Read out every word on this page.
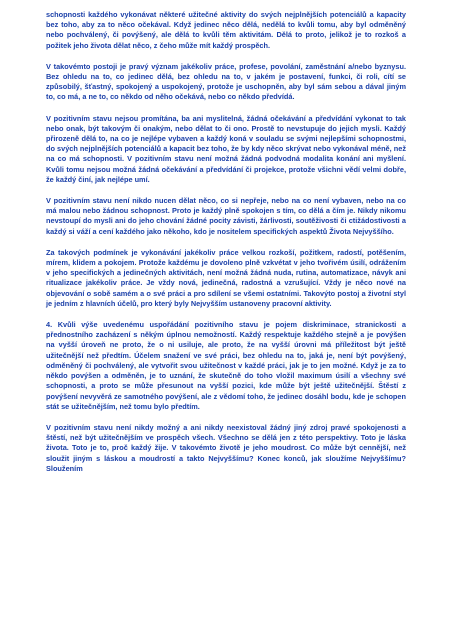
schopnosti každého vykonávat některé užitečné aktivity do svých nejplnějších potenciálů a kapacity bez toho, aby za to něco očekával. Když jedinec něco dělá, nedělá to kvůli tomu, aby byl odměněný nebo pochválený, či povýšený, ale dělá to kvůli těm aktivitám. Dělá to proto, jelikož je to rozkoš a požitek jeho života dělat něco, z čeho může mít každý prospěch.

V takovémto postoji je pravý význam jakékoliv práce, profese, povolání, zaměstnání a/nebo byznysu. Bez ohledu na to, co jedinec dělá, bez ohledu na to, v jakém je postavení, funkci, či roli, cítí se způsobilý, šťastný, spokojený a uspokojený, protože je uschopněn, aby byl sám sebou a dával jiným to, co má, a ne to, co někdo od něho očekává, nebo co někdo předvídá.

V pozitivním stavu nejsou promítána, ba ani myslitelná, žádná očekávání a předvídání vykonat to tak nebo onak, být takovým či onakým, nebo dělat to či ono. Prostě to nevstupuje do jejich mysli. Každý přirozeně dělá to, na co je nejlépe vybaven a každý koná v souladu se svými nejlepšími schopnostmi, do svých nejplnějších potenciálů a kapacit bez toho, že by kdy něco skrývat nebo vykonával méně, než na co má schopnosti. V pozitivním stavu není možná žádná podvodná modalita konání ani myšlení. Kvůli tomu nejsou možná žádná očekávání a předvídání či projekce, protože všichni vědí velmi dobře, že každý činí, jak nejlépe umí.

V pozitivním stavu není nikdo nucen dělat něco, co si nepřeje, nebo na co není vybaven, nebo na co má malou nebo žádnou schopnost. Proto je každý plně spokojen s tím, co dělá a čím je. Nikdy nikomu nevstoupí do mysli ani do jeho chování žádné pocity závisti, žárlivosti, soutěživosti či ctižádostivosti a každý si váží a cení každého jako někoho, kdo je nositelem specifických aspektů Života Nejvyššího.

Za takových podmínek je vykonávání jakékoliv práce velkou rozkoší, požitkem, radostí, potěšením, mírem, klidem a pokojem. Protože každému je dovoleno plně vzkvétat v jeho tvořivém úsilí, odrážením v jeho specifických a jedinečných aktivitách, není možná žádná nuda, rutina, automatizace, návyk ani ritualizace jakékoliv práce. Je vždy nová, jedinečná, radostná a vzrušující. Vždy je něco nové na objevování o sobě samém a o své práci a pro sdílení se všemi ostatními. Takovýto postoj a životní styl je jedním z hlavních účelů, pro který byly Nejvyšším ustanoveny pracovní aktivity.

4. Kvůli výše uvedenému uspořádání pozitivního stavu je pojem diskriminace, stranickosti a přednostního zacházení s někým úplnou nemožností. Každý respektuje každého stejně a je povýšen na vyšší úroveň ne proto, že o ni usiluje, ale proto, že na vyšší úrovni má příležitost být ještě užitečnější než předtím. Účelem snažení ve své práci, bez ohledu na to, jaká je, není být povýšený, odměněný či pochválený, ale vytvořit svou užitečnost v každé práci, jak je to jen možné. Když je za to někdo povýšen a odměněn, je to uznání, že skutečně do toho vložil maximum úsilí a všechny své schopnosti, a proto se může přesunout na vyšší pozici, kde může být ještě užitečnější. Štěstí z povýšení nevyvěrá ze samotného povýšení, ale z vědomí toho, že jedinec dosáhl bodu, kde je schopen stát se užitečnějším, než tomu bylo předtím.

V pozitivním stavu není nikdy možný a ani nikdy neexistoval žádný jiný zdroj pravé spokojenosti a štěstí, než být užitečnějším ve prospěch všech. Všechno se dělá jen z této perspektivy. Toto je láska života. Toto je to, proč každý žije. V takovémto životě je jeho moudrost. Co může být cennější, než sloužit jiným s láskou a moudrostí a takto Nejvyššímu? Konec konců, jak sloužíme Nejvyššímu? Sloužením
